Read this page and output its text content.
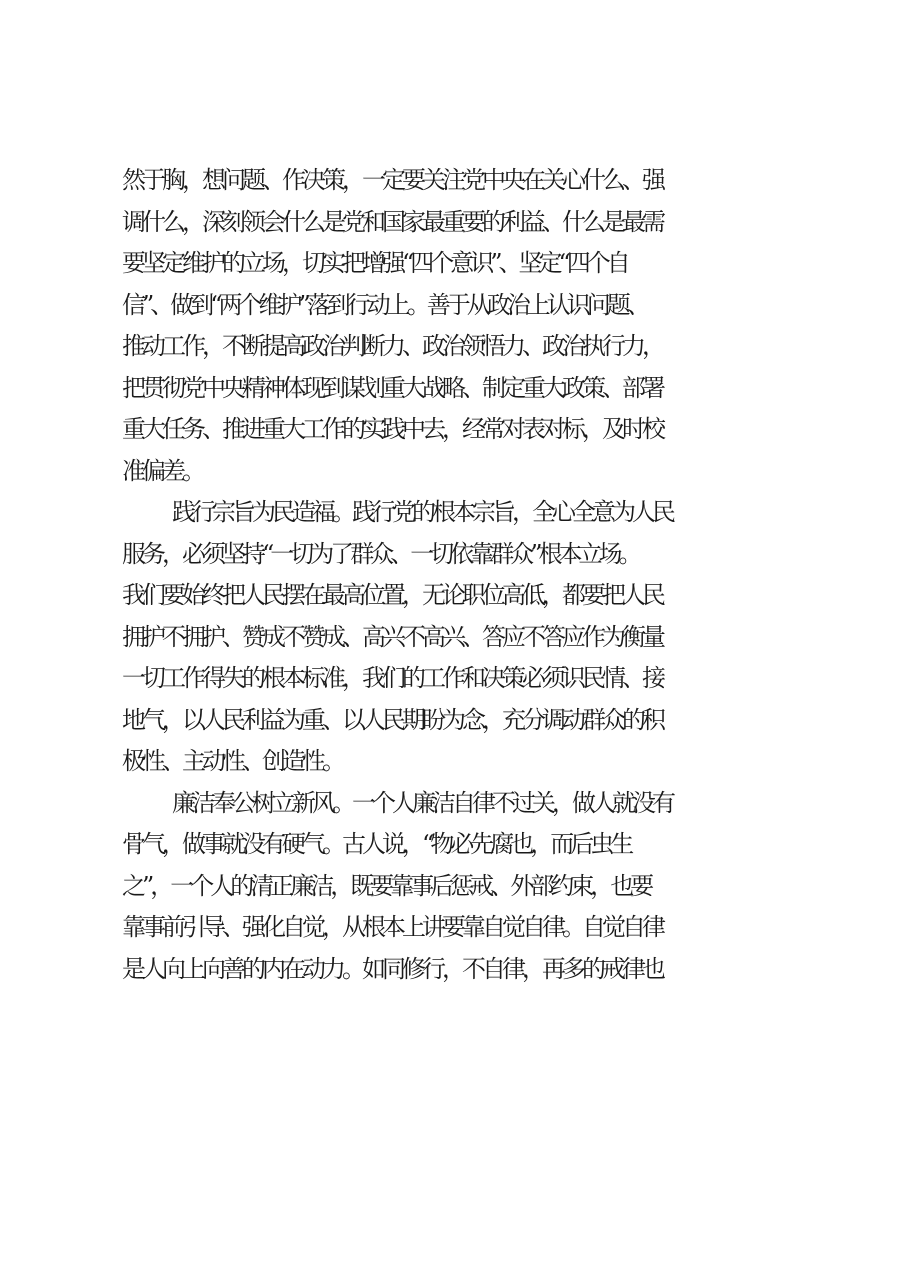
然于胸，想问题、作决策，一定要关注党中央在关心什么、强
调什么，深刻领会什么是党和国家最重要的利益、什么是最需
要坚定维护的立场，切实把增强“四个意识”、坚定“四个自
信”、做到“两个维护”落到行动上。善于从政治上认识问题、
推动工作，不断提高政治判断力、政治领悟力、政治执行力，
把贯彻党中央精神体现到谋划重大战略、制定重大政策、部署
重大任务、推进重大工作的实践中去，经常对表对标，及时校
准偏差。
践行宗旨为民造福。践行党的根本宗旨，全心全意为人民
服务，必须坚持“一切为了群众、一切依靠群众”根本立场。
我们要始终把人民摆在最高位置，无论职位高低，都要把人民
拥护不拥护、赞成不赞成、高兴不高兴、答应不答应作为衡量
一切工作得失的根本标准，我们的工作和决策必须识民情、接
地气，以人民利益为重、以人民期盼为念，充分调动群众的积
极性、主动性、创造性。
廉洁奉公树立新风。一个人廉洁自律不过关，做人就没有
骨气，做事就没有硬气。古人说，“物必先腐也，而后虫生
之”，一个人的清正廉洁，既要靠事后惩戒、外部约束，也要
靠事前引导、强化自觉，从根本上讲要靠自觉自律。自觉自律
是人向上向善的内在动力。如同修行，不自律，再多的戒律也
